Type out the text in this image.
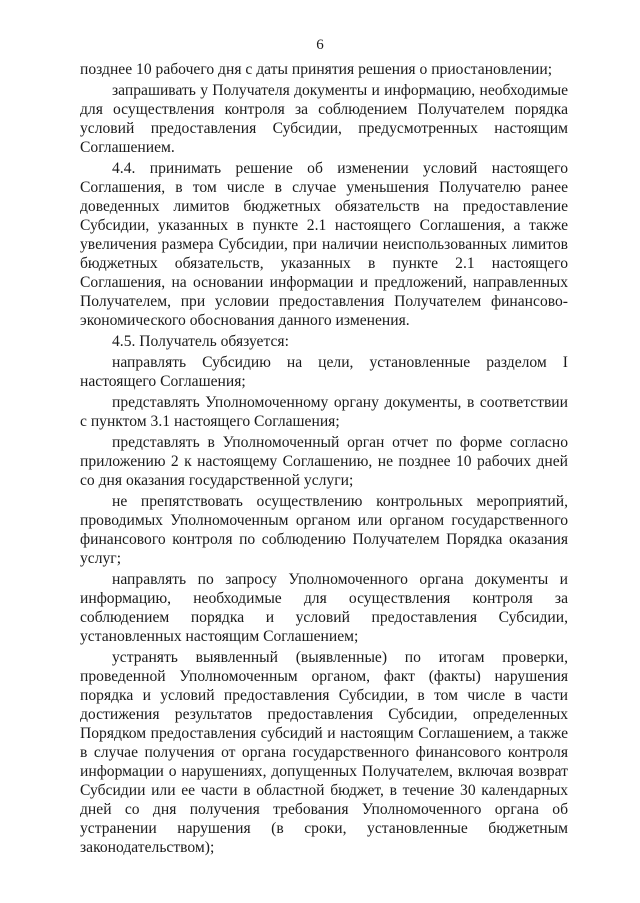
6

позднее 10 рабочего дня с даты принятия решения о приостановлении;

запрашивать у Получателя документы и информацию, необходимые для осуществления контроля за соблюдением Получателем порядка условий предоставления Субсидии, предусмотренных настоящим Соглашением.

4.4. принимать решение об изменении условий настоящего Соглашения, в том числе в случае уменьшения Получателю ранее доведенных лимитов бюджетных обязательств на предоставление Субсидии, указанных в пункте 2.1 настоящего Соглашения, а также увеличения размера Субсидии, при наличии неиспользованных лимитов бюджетных обязательств, указанных в пункте 2.1 настоящего Соглашения, на основании информации и предложений, направленных Получателем, при условии предоставления Получателем финансово-экономического обоснования данного изменения.

4.5. Получатель обязуется:

направлять Субсидию на цели, установленные разделом I настоящего Соглашения;

представлять Уполномоченному органу документы, в соответствии с пунктом 3.1 настоящего Соглашения;

представлять в Уполномоченный орган отчет по форме согласно приложению 2 к настоящему Соглашению, не позднее 10 рабочих дней со дня оказания государственной услуги;

не препятствовать осуществлению контрольных мероприятий, проводимых Уполномоченным органом или органом государственного финансового контроля по соблюдению Получателем Порядка оказания услуг;

направлять по запросу Уполномоченного органа документы и информацию, необходимые для осуществления контроля за соблюдением порядка и условий предоставления Субсидии, установленных настоящим Соглашением;

устранять выявленный (выявленные) по итогам проверки, проведенной Уполномоченным органом, факт (факты) нарушения порядка и условий предоставления Субсидии, в том числе в части достижения результатов предоставления Субсидии, определенных Порядком предоставления субсидий и настоящим Соглашением, а также в случае получения от органа государственного финансового контроля информации о нарушениях, допущенных Получателем, включая возврат Субсидии или ее части в областной бюджет, в течение 30 календарных дней со дня получения требования Уполномоченного органа об устранении нарушения (в сроки, установленные бюджетным законодательством);
